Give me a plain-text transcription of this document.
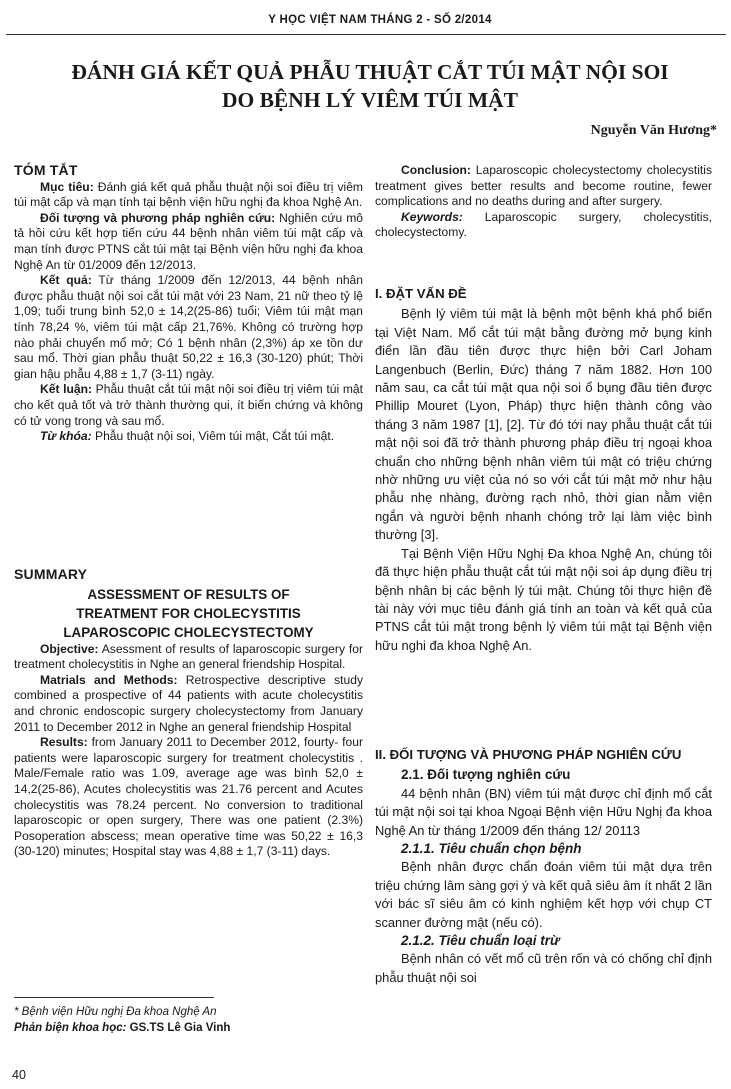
Y HỌC VIỆT NAM THÁNG 2 - SỐ 2/2014
ĐÁNH GIÁ KẾT QUẢ PHẪU THUẬT CẮT TÚI MẬT NỘI SOI
DO BỆNH LÝ VIÊM TÚI MẬT
Nguyễn Văn Hương*
TÓM TẮT

Mục tiêu: Đánh giá kết quả phẫu thuật nội soi điều trị viêm túi mật cấp và mạn tính tại bệnh viện hữu nghị đa khoa Nghệ An.

Đối tượng và phương pháp nghiên cứu: Nghiên cứu mô tả hồi cứu kết hợp tiến cứu 44 bệnh nhân viêm túi mật cấp và mạn tính được PTNS cắt túi mật tại Bệnh viện hữu nghị đa khoa Nghệ An từ 01/2009 đến 12/2013.

Kết quả: Từ tháng 1/2009 đến 12/2013, 44 bệnh nhân được phẫu thuật nội soi cắt túi mật với 23 Nam, 21 nữ theo tỷ lệ 1,09; tuổi trung bình 52,0 ± 14,2(25-86) tuổi; Viêm túi mật mạn tính 78,24 %, viêm túi mật cấp 21,76%. Không có trường hợp nào phải chuyển mổ mở; Có 1 bệnh nhân (2,3%) áp xe tồn dư sau mổ. Thời gian phẫu thuật 50,22 ± 16,3 (30-120) phút; Thời gian hậu phẫu 4,88 ± 1,7 (3-11) ngày.

Kết luận: Phẫu thuật cắt túi mật nội soi điều trị viêm túi mật cho kết quả tốt và trở thành thường qui, ít biến chứng và không có tử vong trong và sau mổ.

Từ khóa: Phẫu thuật nội soi, Viêm túi mật, Cắt túi mật.

SUMMARY
ASSESSMENT OF RESULTS OF
TREATMENT FOR CHOLECYSTITIS
LAPAROSCOPIC CHOLECYSTECTOMY

Objective: Asessment of results of laparoscopic surgery for treatment cholecystitis in Nghe an general friendship Hospital.

Matrials and Methods: Retrospective descriptive study combined a prospective of 44 patients with acute cholecystitis and chronic endoscopic surgery cholecystectomy from January 2011 to December 2012 in Nghe an general friendship Hospital

Results: from January 2011 to December 2012, fourty- four patients were laparoscopic surgery for treatment cholecystitis . Male/Female ratio was 1.09, average age was bình 52,0 ± 14,2(25-86), Acutes cholecystitis was 21.76 percent and Acutes cholecystitis was 78.24 percent. No conversion to traditional laparoscopic or open surgery, There was one patient (2.3%) Posoperation abscess; mean operative time was 50,22 ± 16,3 (30-120) minutes; Hospital stay was 4,88 ± 1,7 (3-11) days.

Conclusion: Laparoscopic cholecystectomy cholecystitis treatment gives better results and become routine, fewer complications and no deaths during and after surgery.

Keywords: Laparoscopic surgery, cholecystitis, cholecystectomy.

I. ĐẶT VẤN ĐỀ

Bệnh lý viêm túi mật là bệnh một bệnh khá phổ biến tại Việt Nam. Mổ cắt túi mật bằng đường mở bụng kinh điển lần đầu tiên được thực hiện bởi Carl Joham Langenbuch (Berlin, Đức) tháng 7 năm 1882. Hơn 100 năm sau, ca cắt túi mật qua nội soi ổ bụng đầu tiên được Phillip Mouret (Lyon, Pháp) thực hiện thành công vào tháng 3 năm 1987 [1], [2]. Từ đó tới nay phẫu thuật cắt túi mật nội soi đã trở thành phương pháp điều trị ngoại khoa chuẩn cho những bệnh nhân viêm túi mật có triệu chứng nhờ những ưu việt của nó so với cắt túi mật mở như hậu phẫu nhẹ nhàng, đường rạch nhỏ, thời gian nằm viện ngắn và người bệnh nhanh chóng trở lại làm việc bình thường [3].

Tại Bệnh Viện Hữu Nghị Đa khoa Nghệ An, chúng tôi đã thực hiện phẫu thuật cắt túi mật nội soi áp dụng điều trị bệnh nhân bị các bệnh lý túi mật. Chúng tôi thực hiện đề tài này với mục tiêu đánh giá tính an toàn và kết quả của PTNS cắt túi mật trong bệnh lý viêm túi mật tại Bệnh viện hữu nghi đa khoa Nghệ An.

II. ĐỐI TƯỢNG VÀ PHƯƠNG PHÁP NGHIÊN CỨU
2.1. Đối tượng nghiên cứu

44 bệnh nhân (BN) viêm túi mật được chỉ định mổ cắt túi mật nội soi tại khoa Ngoại Bệnh viện Hữu Nghị đa khoa Nghệ An từ tháng 1/2009 đến tháng 12/ 20113

2.1.1. Tiêu chuẩn chọn bệnh

Bệnh nhân được chẩn đoán viêm túi mật dựa trên triệu chứng lâm sàng gợi ý và kết quả siêu âm ít nhất 2 lần với bác sĩ siêu âm có kinh nghiệm kết hợp với chụp CT scanner đường mật (nếu có).

2.1.2. Tiêu chuẩn loại trừ

Bệnh nhân có vết mổ cũ trên rốn và có chống chỉ định phẫu thuật nội soi

* Bệnh viện Hữu nghị Đa khoa Nghệ An
Phản biện khoa học: GS.TS Lê Gia Vinh
40
